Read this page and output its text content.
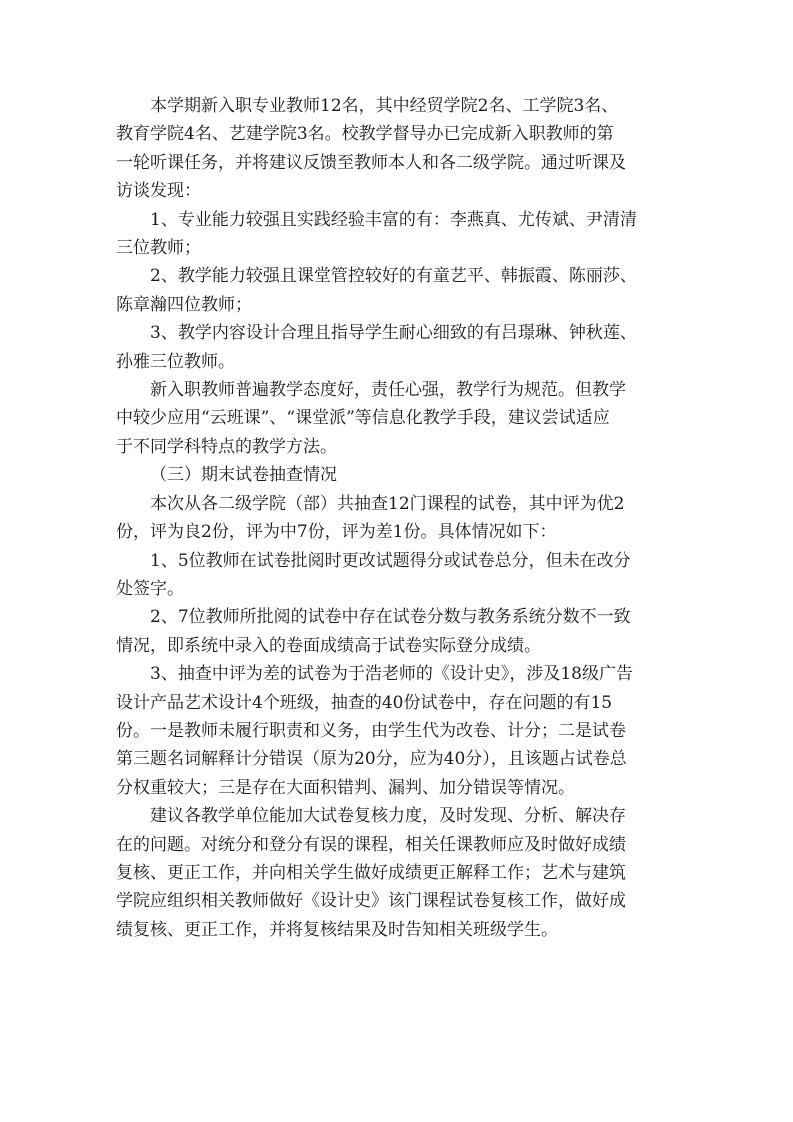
本学期新入职专业教师12名，其中经贸学院2名、工学院3名、
教育学院4名、艺建学院3名。校教学督导办已完成新入职教师的第
一轮听课任务，并将建议反馈至教师本人和各二级学院。通过听课及
访谈发现：
1、专业能力较强且实践经验丰富的有：李燕真、尤传斌、尹清清
三位教师；
2、教学能力较强且课堂管控较好的有童艺平、韩振霞、陈丽莎、
陈章瀚四位教师；
3、教学内容设计合理且指导学生耐心细致的有吕璟琳、钟秋莲、
孙雅三位教师。
新入职教师普遍教学态度好，责任心强，教学行为规范。但教学
中较少应用“云班课”、“课堂派”等信息化教学手段，建议尝试适应
于不同学科特点的教学方法。
（三）期末试卷抽查情况
本次从各二级学院（部）共抽查12门课程的试卷，其中评为优2
份，评为良2份，评为中7份，评为差1份。具体情况如下：
1、5位教师在试卷批阅时更改试题得分或试卷总分，但未在改分
处签字。
2、7位教师所批阅的试卷中存在试卷分数与教务系统分数不一致
情况，即系统中录入的卷面成绩高于试卷实际登分成绩。
3、抽查中评为差的试卷为于浩老师的《设计史》，涉及18级广告
设计产品艺术设计4个班级，抽查的40份试卷中，存在问题的有15
份。一是教师未履行职责和义务，由学生代为改卷、计分；二是试卷
第三题名词解释计分错误（原为20分，应为40分），且该题占试卷总
分权重较大；三是存在大面积错判、漏判、加分错误等情况。
建议各教学单位能加大试卷复核力度，及时发现、分析、解决存
在的问题。对统分和登分有误的课程，相关任课教师应及时做好成绩
复核、更正工作，并向相关学生做好成绩更正解释工作；艺术与建筑
学院应组织相关教师做好《设计史》该门课程试卷复核工作，做好成
绩复核、更正工作，并将复核结果及时告知相关班级学生。
